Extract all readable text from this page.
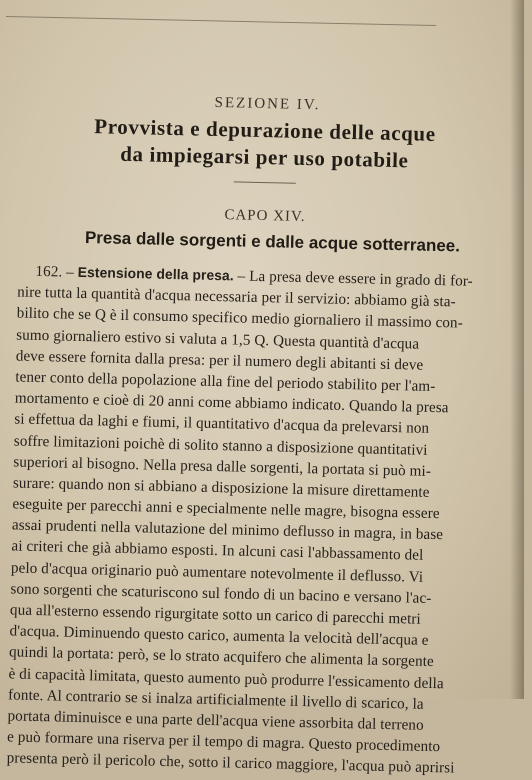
SEZIONE IV.
Provvista e depurazione delle acque
da impiegarsi per uso potabile
CAPO XIV.
Presa dalle sorgenti e dalle acque sotterranee.
162. – Estensione della presa. – La presa deve essere in grado di for-
nire tutta la quantità d'acqua necessaria per il servizio: abbiamo già sta-
bilito che se Q è il consumo specifico medio giornaliero il massimo con-
sumo giornaliero estivo si valuta a 1,5 Q. Questa quantità d'acqua
deve essere fornita dalla presa: per il numero degli abitanti si deve
tener conto della popolazione alla fine del periodo stabilito per l'am-
mortamento e cioè di 20 anni come abbiamo indicato. Quando la presa
si effettua da laghi e fiumi, il quantitativo d'acqua da prelevarsi non
soffre limitazioni poichè di solito stanno a disposizione quantitativi
superiori al bisogno. Nella presa dalle sorgenti, la portata si può mi-
surare: quando non si abbiano a disposizione la misure direttamente
eseguite per parecchi anni e specialmente nelle magre, bisogna essere
assai prudenti nella valutazione del minimo deflusso in magra, in base
ai criteri che già abbiamo esposti. In alcuni casi l'abbassamento del
pelo d'acqua originario può aumentare notevolmente il deflusso. Vi
sono sorgenti che scaturiscono sul fondo di un bacino e versano l'ac-
qua all'esterno essendo rigurgitate sotto un carico di parecchi metri
d'acqua. Diminuendo questo carico, aumenta la velocità dell'acqua e
quindi la portata: però, se lo strato acquifero che alimenta la sorgente
è di capacità limitata, questo aumento può produrre l'essicamento della
fonte. Al contrario se si inalza artificialmente il livello di scarico, la
portata diminuisce e una parte dell'acqua viene assorbita dal terreno
e può formare una riserva per il tempo di magra. Questo procedimento
presenta però il pericolo che, sotto il carico maggiore, l'acqua può aprirsi
